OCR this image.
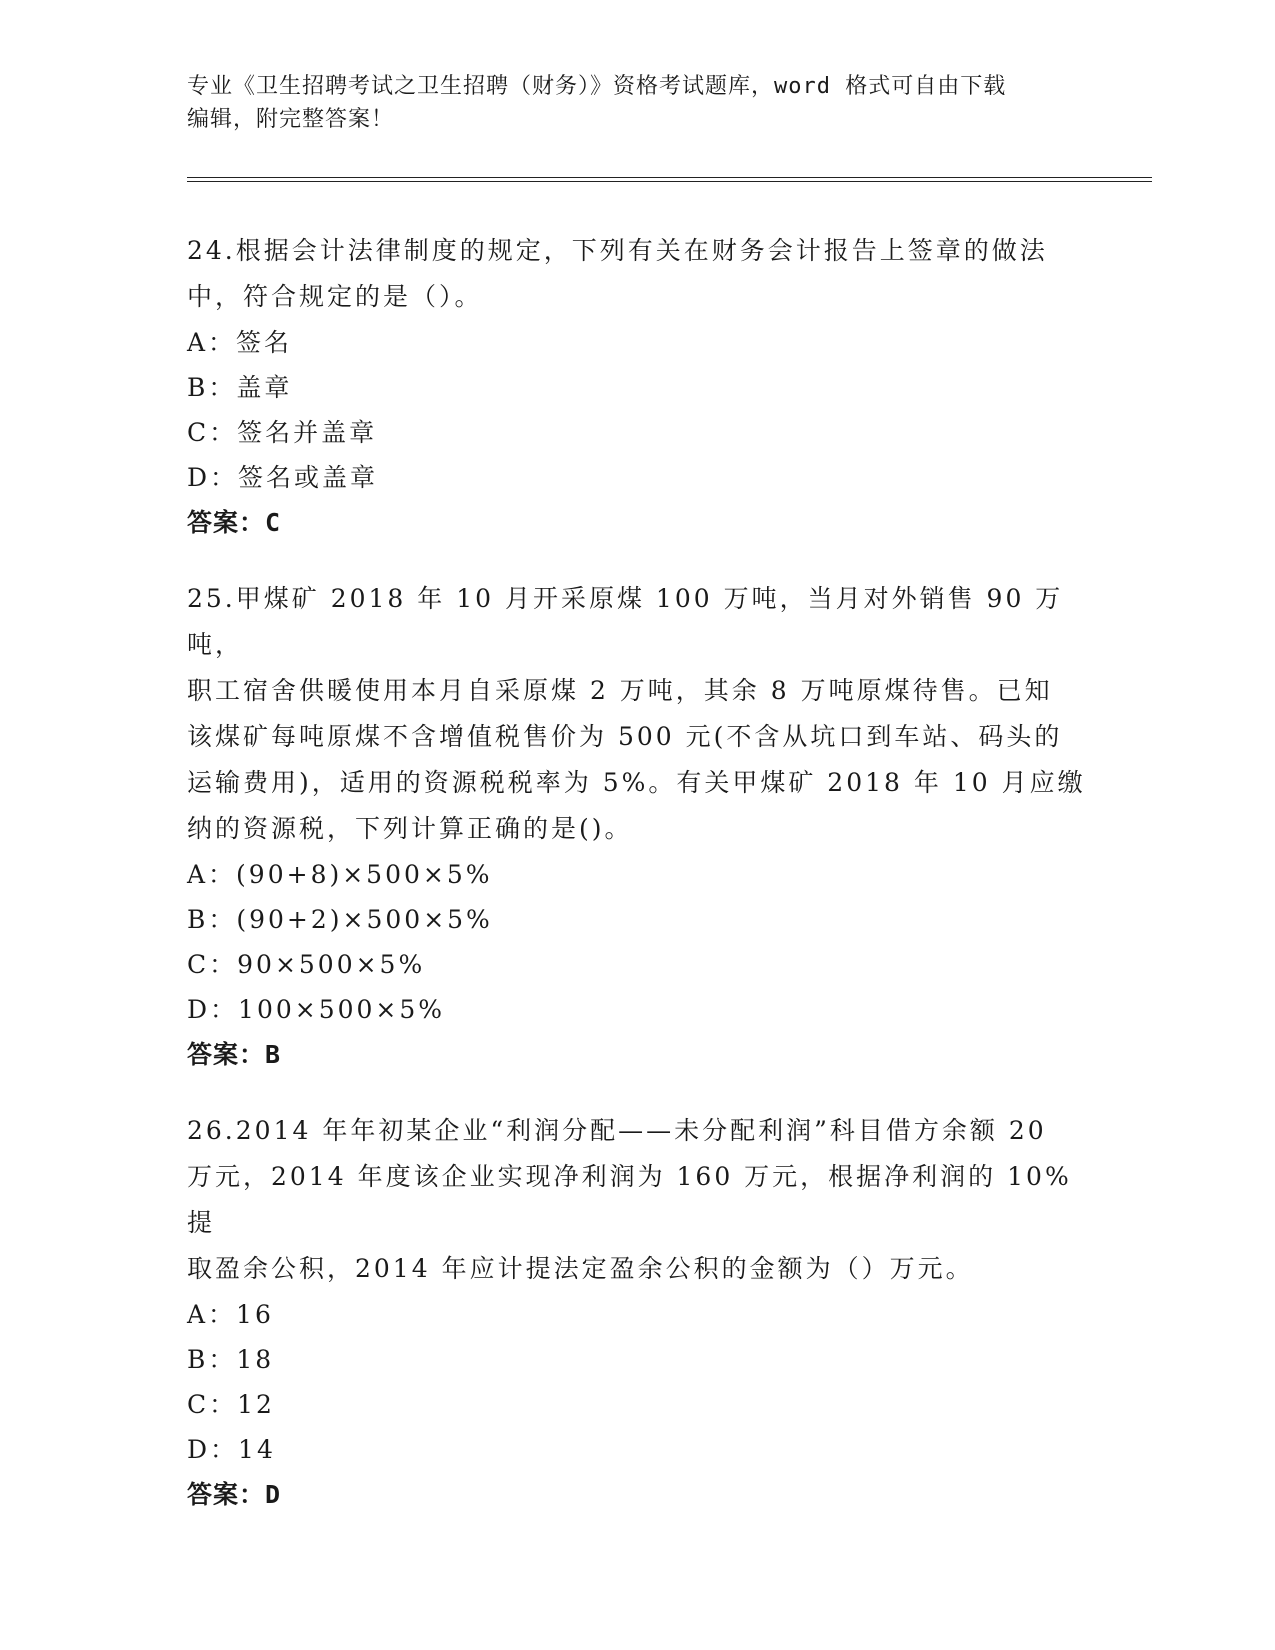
专业《卫生招聘考试之卫生招聘（财务）》资格考试题库，word 格式可自由下载
编辑，附完整答案！
24.根据会计法律制度的规定，下列有关在财务会计报告上签章的做法
中，符合规定的是（）。
A：签名
B：盖章
C：签名并盖章
D：签名或盖章
答案：C
25.甲煤矿 2018 年 10 月开采原煤 100 万吨，当月对外销售 90 万吨，
职工宿舍供暖使用本月自采原煤 2 万吨，其余 8 万吨原煤待售。已知
该煤矿每吨原煤不含增值税售价为 500 元(不含从坑口到车站、码头的
运输费用)，适用的资源税税率为 5%。有关甲煤矿 2018 年 10 月应缴
纳的资源税，下列计算正确的是()。
A：(90+8)×500×5%
B：(90+2)×500×5%
C：90×500×5%
D：100×500×5%
答案：B
26.2014 年年初某企业“利润分配——未分配利润”科目借方余额 20
万元，2014 年度该企业实现净利润为 160 万元，根据净利润的 10%提
取盈余公积，2014 年应计提法定盈余公积的金额为（）万元。
A：16
B：18
C：12
D：14
答案：D
